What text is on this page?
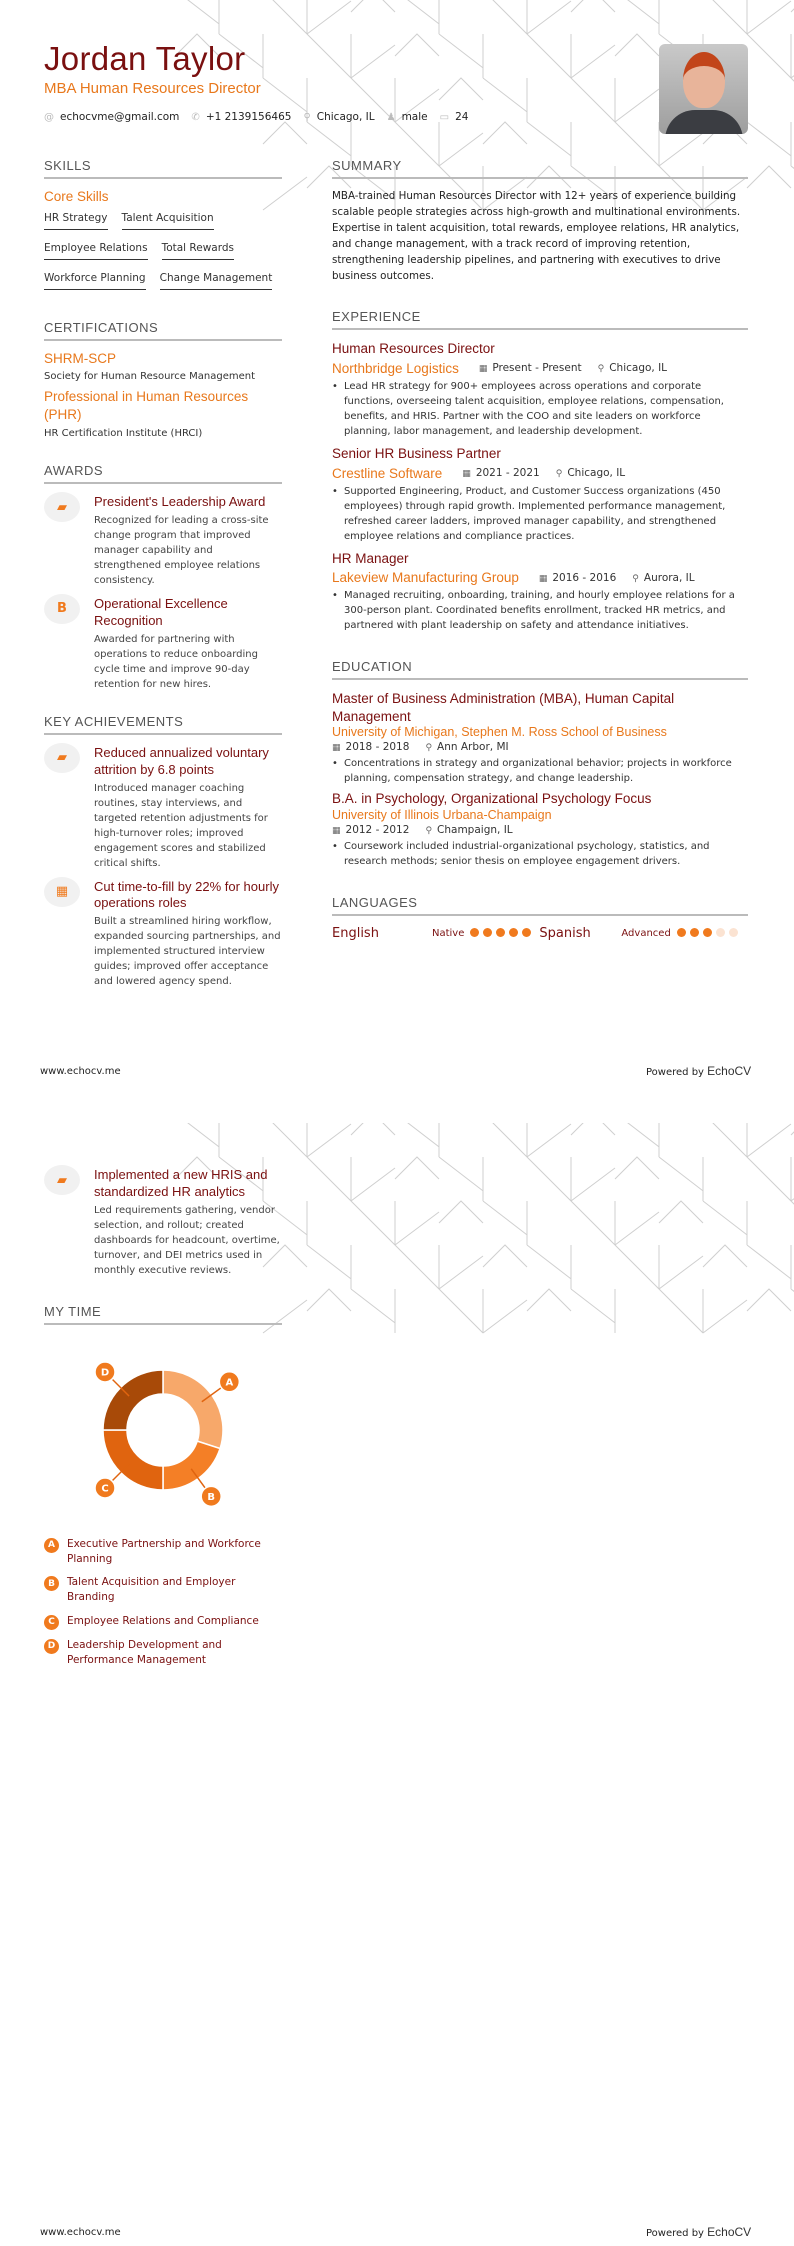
Jordan Taylor
MBA Human Resources Director
@ echocvme@gmail.com ✆ +1 2139156465 ⚲ Chicago, IL ♟ male ▭ 24
SKILLS
Core Skills
HR Strategy Talent Acquisition
Employee Relations Total Rewards
Workforce Planning Change Management
CERTIFICATIONS
SHRM-SCP
Society for Human Resource Management
Professional in Human Resources (PHR)
HR Certification Institute (HRCI)
AWARDS
▰	President's Leadership Award
Recognized for leading a cross-site change program that improved manager capability and strengthened employee relations consistency.
B	Operational Excellence Recognition
Awarded for partnering with operations to reduce onboarding cycle time and improve 90-day retention for new hires.
KEY ACHIEVEMENTS
▰	Reduced annualized voluntary attrition by 6.8 points
Introduced manager coaching routines, stay interviews, and targeted retention adjustments for high-turnover roles; improved engagement scores and stabilized critical shifts.
▦	Cut time-to-fill by 22% for hourly operations roles
Built a streamlined hiring workflow, expanded sourcing partnerships, and implemented structured interview guides; improved offer acceptance and lowered agency spend.
SUMMARY
MBA-trained Human Resources Director with 12+ years of experience building scalable people strategies across high-growth and multinational environments. Expertise in talent acquisition, total rewards, employee relations, HR analytics, and change management, with a track record of improving retention, strengthening leadership pipelines, and partnering with executives to drive business outcomes.
EXPERIENCE
Human Resources Director
Northbridge Logistics ▦ Present - Present ⚲ Chicago, IL
• Lead HR strategy for 900+ employees across operations and corporate functions, overseeing talent acquisition, employee relations, compensation, benefits, and HRIS. Partner with the COO and site leaders on workforce planning, labor management, and leadership development.
Senior HR Business Partner
Crestline Software ▦ 2021 - 2021 ⚲ Chicago, IL
• Supported Engineering, Product, and Customer Success organizations (450 employees) through rapid growth. Implemented performance management, refreshed career ladders, improved manager capability, and strengthened employee relations and compliance practices.
HR Manager
Lakeview Manufacturing Group ▦ 2016 - 2016 ⚲ Aurora, IL
• Managed recruiting, onboarding, training, and hourly employee relations for a 300-person plant. Coordinated benefits enrollment, tracked HR metrics, and partnered with plant leadership on safety and attendance initiatives.
EDUCATION
Master of Business Administration (MBA), Human Capital Management
University of Michigan, Stephen M. Ross School of Business
▦ 2018 - 2018 ⚲ Ann Arbor, MI
• Concentrations in strategy and organizational behavior; projects in workforce planning, compensation strategy, and change leadership.
B.A. in Psychology, Organizational Psychology Focus
University of Illinois Urbana-Champaign
▦ 2012 - 2012 ⚲ Champaign, IL
• Coursework included industrial-organizational psychology, statistics, and research methods; senior thesis on employee engagement drivers.
LANGUAGES
English	Native	Spanish	Advanced
www.echocv.me	Powered by EchoCV
▰	Implemented a new HRIS and standardized HR analytics
Led requirements gathering, vendor selection, and rollout; created dashboards for headcount, overtime, turnover, and DEI metrics used in monthly executive reviews.
MY TIME
A
B
C
D
A	Executive Partnership and Workforce Planning
B	Talent Acquisition and Employer Branding
C	Employee Relations and Compliance
D	Leadership Development and Performance Management
www.echocv.me	Powered by EchoCV
